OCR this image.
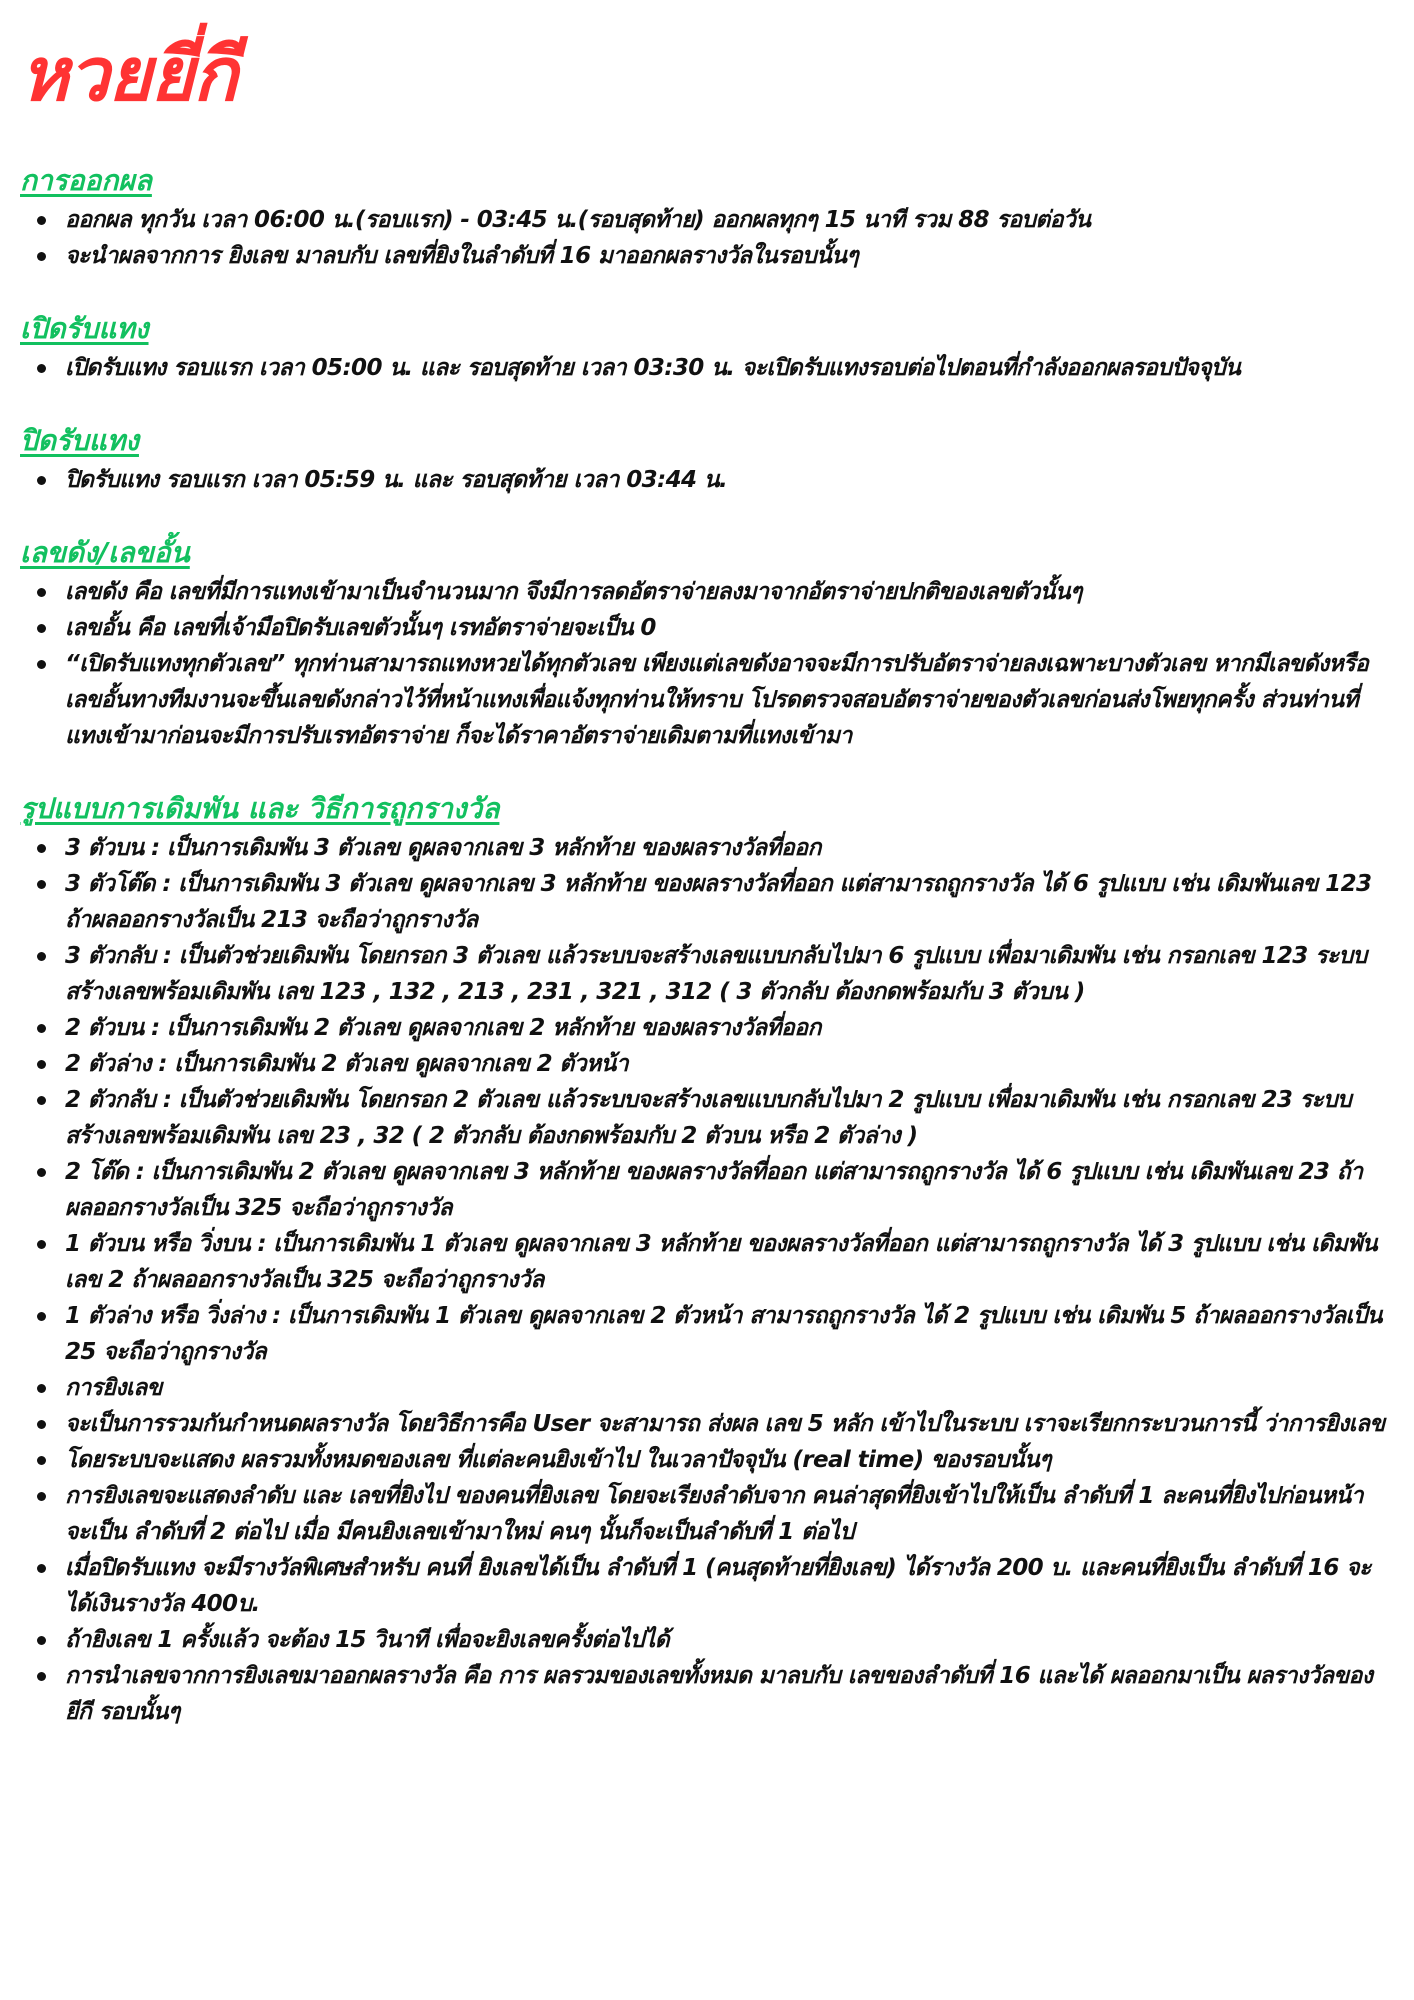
หวยยี่กี
การออกผล
ออกผล ทุกวัน เวลา 06:00 น.(รอบแรก) - 03:45 น.(รอบสุดท้าย) ออกผลทุกๆ 15 นาที รวม 88 รอบต่อวัน
จะนำผลจากการ ยิงเลข มาลบกับ เลขที่ยิงในลำดับที่ 16 มาออกผลรางวัลในรอบนั้นๆ
เปิดรับแทง
เปิดรับแทง รอบแรก เวลา 05:00 น. และ รอบสุดท้าย เวลา 03:30 น. จะเปิดรับแทงรอบต่อไปตอนที่กำลังออกผลรอบปัจจุบัน
ปิดรับแทง
ปิดรับแทง รอบแรก เวลา 05:59 น. และ รอบสุดท้าย เวลา 03:44 น.
เลขดัง/เลขอั้น
เลขดัง คือ เลขที่มีการแทงเข้ามาเป็นจำนวนมาก จึงมีการลดอัตราจ่ายลงมาจากอัตราจ่ายปกติของเลขตัวนั้นๆ
เลขอั้น คือ เลขที่เจ้ามือปิดรับเลขตัวนั้นๆ เรทอัตราจ่ายจะเป็น 0
“เปิดรับแทงทุกตัวเลข” ทุกท่านสามารถแทงหวยได้ทุกตัวเลข เพียงแต่เลขดังอาจจะมีการปรับอัตราจ่ายลงเฉพาะบางตัวเลข หากมีเลขดังหรือเลขอั้นทางทีมงานจะขึ้นเลขดังกล่าวไว้ที่หน้าแทงเพื่อแจ้งทุกท่านให้ทราบ โปรดตรวจสอบอัตราจ่ายของตัวเลขก่อนส่งโพยทุกครั้ง ส่วนท่านที่แทงเข้ามาก่อนจะมีการปรับเรทอัตราจ่าย ก็จะได้ราคาอัตราจ่ายเดิมตามที่แทงเข้ามา
รูปแบบการเดิมพัน และ วิธีการถูกรางวัล
3 ตัวบน : เป็นการเดิมพัน 3 ตัวเลข ดูผลจากเลข 3 หลักท้าย ของผลรางวัลที่ออก
3 ตัวโต๊ด : เป็นการเดิมพัน 3 ตัวเลข ดูผลจากเลข 3 หลักท้าย ของผลรางวัลที่ออก แต่สามารถถูกรางวัล ได้ 6 รูปแบบ เช่น เดิมพันเลข 123 ถ้าผลออกรางวัลเป็น 213 จะถือว่าถูกรางวัล
3 ตัวกลับ : เป็นตัวช่วยเดิมพัน โดยกรอก 3 ตัวเลข แล้วระบบจะสร้างเลขแบบกลับไปมา 6 รูปแบบ เพื่อมาเดิมพัน เช่น กรอกเลข 123 ระบบสร้างเลขพร้อมเดิมพัน เลข 123 , 132 , 213 , 231 , 321 , 312 ( 3 ตัวกลับ ต้องกดพร้อมกับ 3 ตัวบน )
2 ตัวบน : เป็นการเดิมพัน 2 ตัวเลข ดูผลจากเลข 2 หลักท้าย ของผลรางวัลที่ออก
2 ตัวล่าง : เป็นการเดิมพัน 2 ตัวเลข ดูผลจากเลข 2 ตัวหน้า
2 ตัวกลับ : เป็นตัวช่วยเดิมพัน โดยกรอก 2 ตัวเลข แล้วระบบจะสร้างเลขแบบกลับไปมา 2 รูปแบบ เพื่อมาเดิมพัน เช่น กรอกเลข 23 ระบบสร้างเลขพร้อมเดิมพัน เลข 23 , 32 ( 2 ตัวกลับ ต้องกดพร้อมกับ 2 ตัวบน หรือ 2 ตัวล่าง )
2 โต๊ด : เป็นการเดิมพัน 2 ตัวเลข ดูผลจากเลข 3 หลักท้าย ของผลรางวัลที่ออก แต่สามารถถูกรางวัล ได้ 6 รูปแบบ เช่น เดิมพันเลข 23 ถ้าผลออกรางวัลเป็น 325 จะถือว่าถูกรางวัล
1 ตัวบน หรือ วิ่งบน : เป็นการเดิมพัน 1 ตัวเลข ดูผลจากเลข 3 หลักท้าย ของผลรางวัลที่ออก แต่สามารถถูกรางวัล ได้ 3 รูปแบบ เช่น เดิมพันเลข 2 ถ้าผลออกรางวัลเป็น 325 จะถือว่าถูกรางวัล
1 ตัวล่าง หรือ วิ่งล่าง : เป็นการเดิมพัน 1 ตัวเลข ดูผลจากเลข 2 ตัวหน้า สามารถถูกรางวัล ได้ 2 รูปแบบ เช่น เดิมพัน 5 ถ้าผลออกรางวัลเป็น 25 จะถือว่าถูกรางวัล
การยิงเลข
จะเป็นการรวมกันกำหนดผลรางวัล โดยวิธีการคือ User จะสามารถ ส่งผล เลข 5 หลัก เข้าไปในระบบ เราจะเรียกกระบวนการนี้ ว่าการยิงเลข
โดยระบบจะแสดง ผลรวมทั้งหมดของเลข ที่แต่ละคนยิงเข้าไป ในเวลาปัจจุบัน (real time) ของรอบนั้นๆ
การยิงเลขจะแสดงลำดับ และ เลขที่ยิงไป ของคนที่ยิงเลข โดยจะเรียงลำดับจาก คนล่าสุดที่ยิงเข้าไปให้เป็น ลำดับที่ 1 ละคนที่ยิงไปก่อนหน้า จะเป็น ลำดับที่ 2 ต่อไป เมื่อ มีคนยิงเลขเข้ามาใหม่ คนๆ นั้นก็จะเป็นลำดับที่ 1 ต่อไป
เมื่อปิดรับแทง จะมีรางวัลพิเศษสำหรับ คนที่ ยิงเลขได้เป็น ลำดับที่ 1 (คนสุดท้ายที่ยิงเลข) ได้รางวัล 200 บ. และคนที่ยิงเป็น ลำดับที่ 16 จะได้เงินรางวัล 400บ.
ถ้ายิงเลข 1 ครั้งแล้ว จะต้อง 15 วินาที เพื่อจะยิงเลขครั้งต่อไปได้
การนำเลขจากการยิงเลขมาออกผลรางวัล คือ การ ผลรวมของเลขทั้งหมด มาลบกับ เลขของลำดับที่ 16 และได้ ผลออกมาเป็น ผลรางวัลของยีกี รอบนั้นๆ
